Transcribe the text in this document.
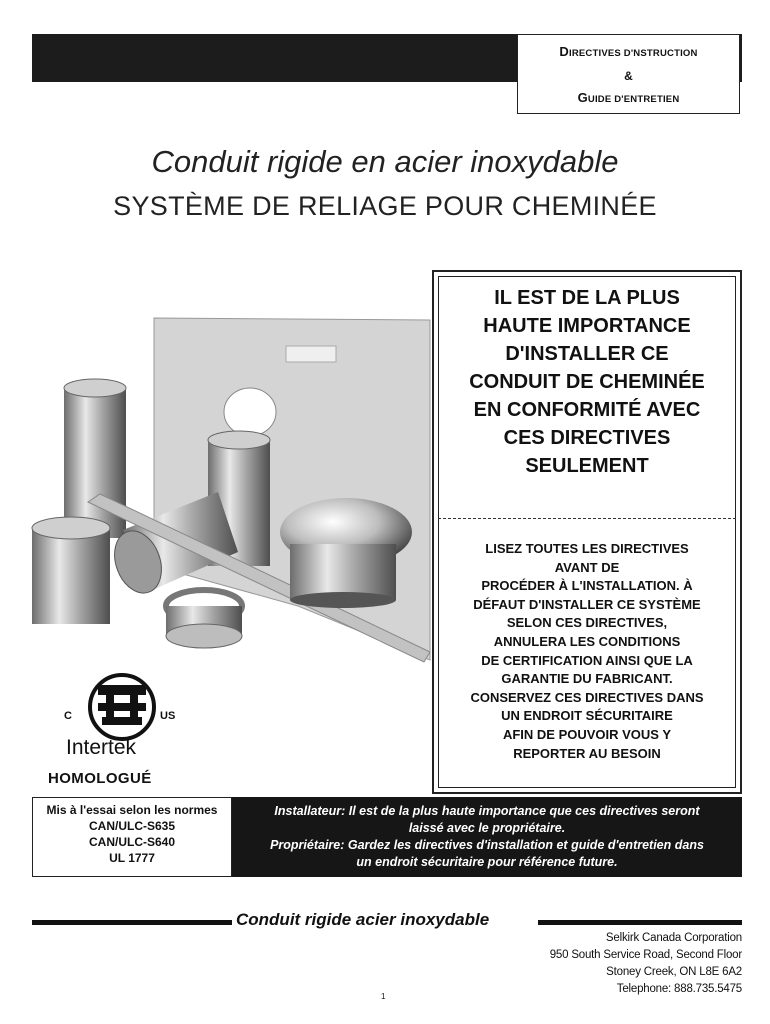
DIRECTIVES D'NSTRUCTION
&
GUIDE D'ENTRETIEN
Conduit rigide en acier inoxydable
SYSTÈME DE RELIAGE POUR CHEMINÉE
IL EST DE LA PLUS
HAUTE IMPORTANCE
D'INSTALLER CE
CONDUIT DE CHEMINÉE
EN CONFORMITÉ AVEC
CES DIRECTIVES
SEULEMENT
LISEZ TOUTES LES DIRECTIVES
AVANT DE
PROCÉDER À L'INSTALLATION. À
DÉFAUT D'INSTALLER CE SYSTÈME
SELON CES DIRECTIVES,
ANNULERA LES CONDITIONS
DE CERTIFICATION AINSI QUE LA
GARANTIE DU FABRICANT.
CONSERVEZ CES DIRECTIVES DANS
UN ENDROIT SÉCURITAIRE
AFIN DE POUVOIR VOUS Y
REPORTER AU BESOIN
C	US
Intertek
HOMOLOGUÉ
Mis à l'essai selon les normes
CAN/ULC-S635
CAN/ULC-S640
UL 1777
Installateur: Il est de la plus haute importance que ces directives seront
laissé avec le propriétaire.
Propriétaire: Gardez les directives d'installation et guide d'entretien dans
un endroit sécuritaire pour référence future.
Conduit rigide acier inoxydable
Selkirk Canada Corporation
950 South Service Road, Second Floor
Stoney Creek, ON L8E 6A2
Telephone: 888.735.5475
1
